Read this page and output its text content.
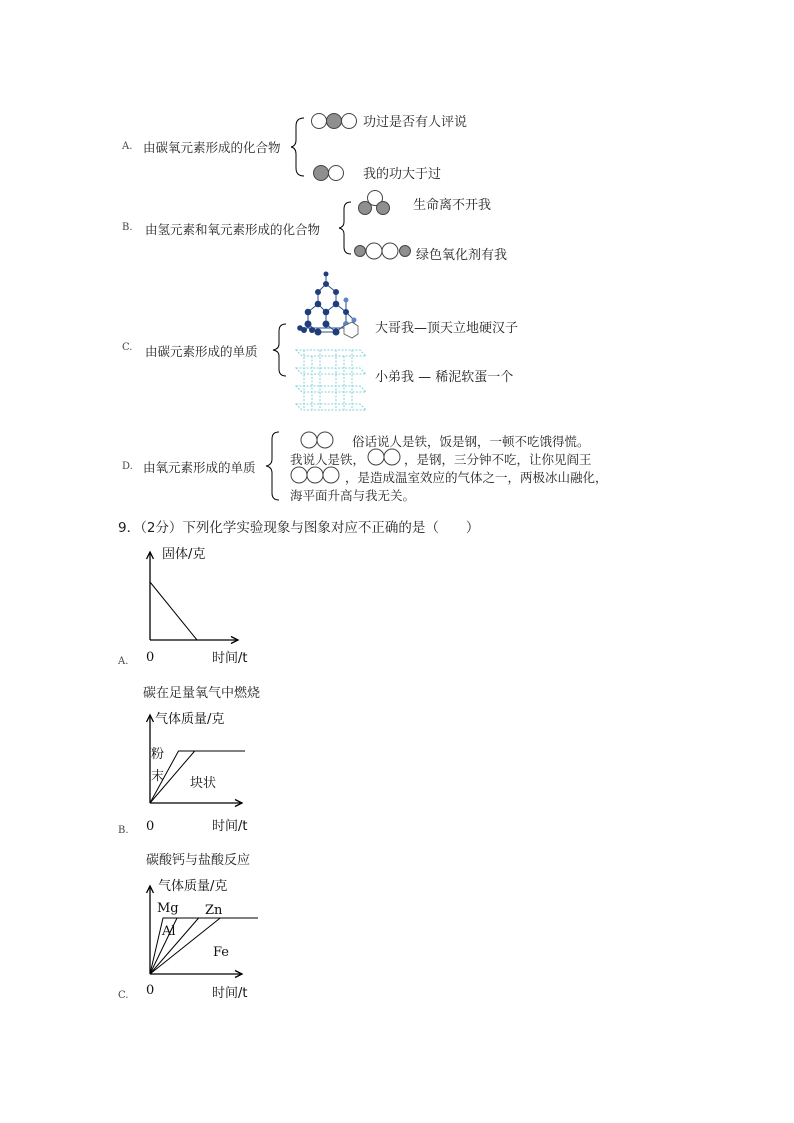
A. 由碳氧元素形成的化合物
功过是否有人评说
我的功大于过
B. 由氢元素和氧元素形成的化合物
生命离不开我
绿色氧化剂有我
C. 由碳元素形成的单质
大哥我—顶天立地硬汉子
小弟我 — 稀泥软蛋一个
D. 由氧元素形成的单质
俗话说人是铁，饭是钢，一顿不吃饿得慌。
我说人是铁，	，是钢，三分钟不吃，让你见阎王
，是造成温室效应的气体之一，两极冰山融化，
海平面升高与我无关。
9．（2分）下列化学实验现象与图象对应不正确的是（　　）
固体/克
时间/t
0
A.
碳在足量氧气中燃烧
气体质量/克
时间/t
0
粉
末 块状
B.
碳酸钙与盐酸反应
气体质量/克
时间/t
0
Mg
Al
Zn
Fe
C.
